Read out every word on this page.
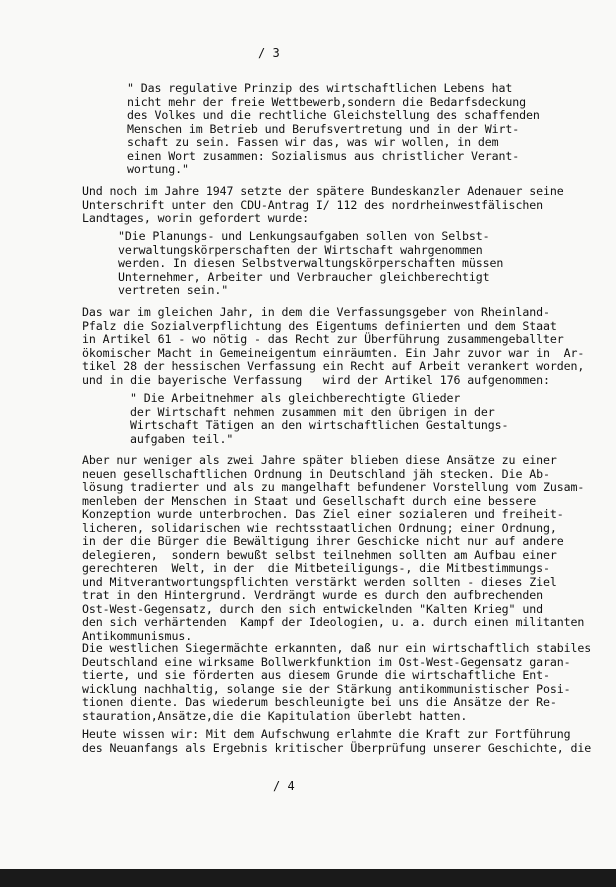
/ 3
" Das regulative Prinzip des wirtschaftlichen Lebens hat
nicht mehr der freie Wettbewerb,sondern die Bedarfsdeckung
des Volkes und die rechtliche Gleichstellung des schaffenden
Menschen im Betrieb und Berufsvertretung und in der Wirt-
schaft zu sein. Fassen wir das, was wir wollen, in dem
einen Wort zusammen: Sozialismus aus christlicher Verant-
wortung."
Und noch im Jahre 1947 setzte der spätere Bundeskanzler Adenauer seine
Unterschrift unter den CDU-Antrag I/ 112 des nordrheinwestfälischen
Landtages, worin gefordert wurde:
"Die Planungs- und Lenkungsaufgaben sollen von Selbst-
verwaltungskörperschaften der Wirtschaft wahrgenommen
werden. In diesen Selbstverwaltungskörperschaften müssen
Unternehmer, Arbeiter und Verbraucher gleichberechtigt
vertreten sein."
Das war im gleichen Jahr, in dem die Verfassungsgeber von Rheinland-
Pfalz die Sozialverpflichtung des Eigentums definierten und dem Staat
in Artikel 61 - wo nötig - das Recht zur Überführung zusammengeballter
ökomischer Macht in Gemeineigentum einräumten. Ein Jahr zuvor war in  Ar-
tikel 28 der hessischen Verfassung ein Recht auf Arbeit verankert worden,
und in die bayerische Verfassung   wird der Artikel 176 aufgenommen:
" Die Arbeitnehmer als gleichberechtigte Glieder
der Wirtschaft nehmen zusammen mit den übrigen in der
Wirtschaft Tätigen an den wirtschaftlichen Gestaltungs-
aufgaben teil."
Aber nur weniger als zwei Jahre später blieben diese Ansätze zu einer
neuen gesellschaftlichen Ordnung in Deutschland jäh stecken. Die Ab-
lösung tradierter und als zu mangelhaft befundener Vorstellung vom Zusam-
menleben der Menschen in Staat und Gesellschaft durch eine bessere
Konzeption wurde unterbrochen. Das Ziel einer sozialeren und freiheit-
licheren, solidarischen wie rechtsstaatlichen Ordnung; einer Ordnung,
in der die Bürger die Bewältigung ihrer Geschicke nicht nur auf andere
delegieren,  sondern bewußt selbst teilnehmen sollten am Aufbau einer
gerechteren  Welt, in der  die Mitbeteiligungs-, die Mitbestimmungs-
und Mitverantwortungspflichten verstärkt werden sollten - dieses Ziel
trat in den Hintergrund. Verdrängt wurde es durch den aufbrechenden
Ost-West-Gegensatz, durch den sich entwickelnden "Kalten Krieg" und
den sich verhärtenden  Kampf der Ideologien, u. a. durch einen militanten
Antikommunismus.
Die westlichen Siegermächte erkannten, daß nur ein wirtschaftlich stabiles
Deutschland eine wirksame Bollwerkfunktion im Ost-West-Gegensatz garan-
tierte, und sie förderten aus diesem Grunde die wirtschaftliche Ent-
wicklung nachhaltig, solange sie der Stärkung antikommunistischer Posi-
tionen diente. Das wiederum beschleunigte bei uns die Ansätze der Re-
stauration,Ansätze,die die Kapitulation überlebt hatten.
Heute wissen wir: Mit dem Aufschwung erlahmte die Kraft zur Fortführung
des Neuanfangs als Ergebnis kritischer Überprüfung unserer Geschichte, die
/ 4
